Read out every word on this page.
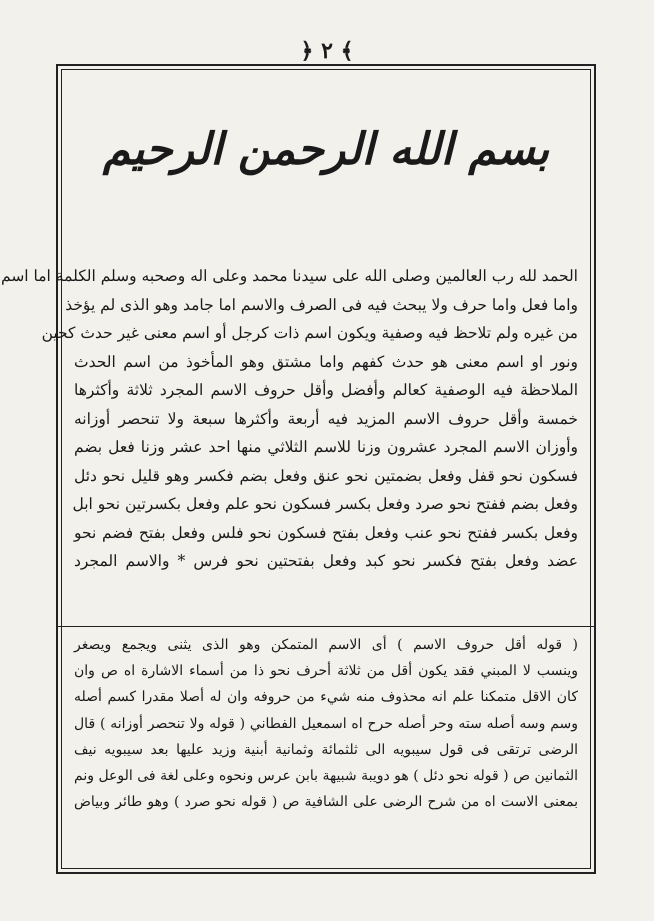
﴿ ٢ ﴾
بسم الله الرحمن الرحيم
الحمد لله رب العالمين وصلى الله على سيدنا محمد وعلى اله وصحبه وسلم الكلمة اما اسم
واما فعل واما حرف ولا يبحث فيه فى الصرف والاسم اما جامد وهو الذى لم يؤخذ
من غيره ولم تلاحظ فيه وصفية ويكون اسم ذات كرجل أو اسم معنى غير حدث كحين
ونور او اسم معنى هو حدث كفهم واما مشتق وهو المأخوذ من اسم الحدث
الملاحظة فيه الوصفية كعالم وأفضل وأقل حروف الاسم المجرد ثلاثة وأكثرها
خمسة وأقل حروف الاسم المزيد فيه أربعة وأكثرها سبعة ولا تنحصر أوزانه
وأوزان الاسم المجرد عشرون وزنا للاسم الثلاثي منها احد عشر وزنا فعل بضم
فسكون نحو قفل وفعل بضمتين نحو عنق وفعل بضم فكسر وهو قليل نحو دئل
وفعل بضم ففتح نحو صرد وفعل بكسر فسكون نحو علم وفعل بكسرتين نحو ابل
وفعل بكسر ففتح نحو عنب وفعل بفتح فسكون نحو فلس وفعل بفتح فضم نحو
عضد وفعل بفتح فكسر نحو كبد وفعل بفتحتين نحو فرس * والاسم المجرد
( قوله أقل حروف الاسم ) أى الاسم المتمكن وهو الذى يثنى ويجمع ويصغر
وينسب لا المبني فقد يكون أقل من ثلاثة أحرف نحو ذا من أسماء الاشارة اه ص وان
كان الاقل متمكنا علم انه محذوف منه شيء من حروفه وان له أصلا مقدرا كسم أصله
وسم وسه أصله سته وحر أصله حرح اه اسمعيل الفطاني ( قوله ولا تنحصر أوزانه ) قال
الرضى ترتقى فى قول سيبويه الى ثلثمائة وثمانية أبنية وزيد عليها بعد سيبويه نيف
الثمانين ص ( قوله نحو دئل ) هو دويبة شبيهة بابن عرس ونحوه وعلى لغة فى الوعل ونم
بمعنى الاست اه من شرح الرضى على الشافية ص ( قوله نحو صرد ) وهو طائر وبياض
